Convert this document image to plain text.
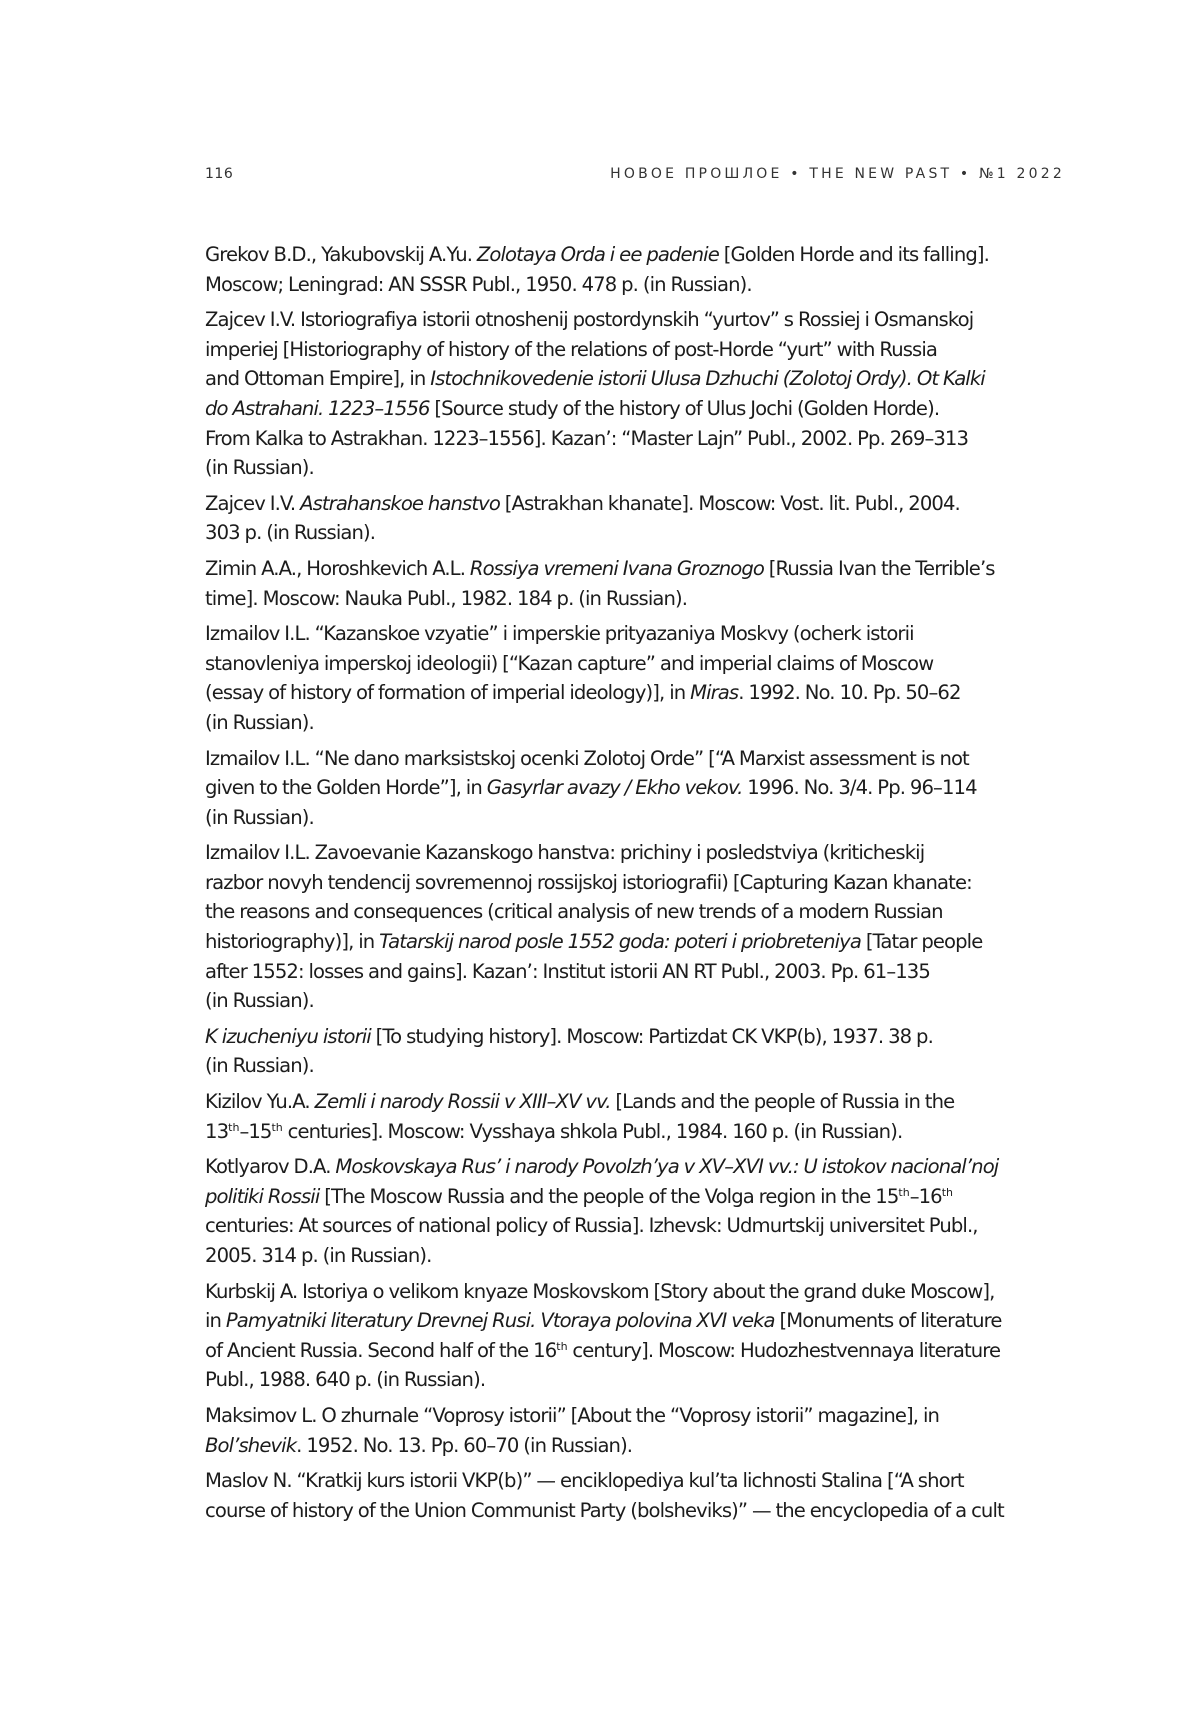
116	НОВОЕ ПРОШЛОЕ • THE NEW PAST • №1 2022

Grekov B.D., Yakubovskij A.Yu. Zolotaya Orda i ee padenie [Golden Horde and its falling].
Moscow; Leningrad: AN SSSR Publ., 1950. 478 p. (in Russian).

Zajcev I.V. Istoriografiya istorii otnoshenij postordynskih “yurtov” s Rossiej i Osmanskoj
imperiej [Historiography of history of the relations of post-Horde “yurt” with Russia
and Ottoman Empire], in Istochnikovedenie istorii Ulusa Dzhuchi (Zolotoj Ordy). Ot Kalki
do Astrahani. 1223–1556 [Source study of the history of Ulus Jochi (Golden Horde).
From Kalka to Astrakhan. 1223–1556]. Kazan’: “Master Lajn” Publ., 2002. Pp. 269–313
(in Russian).

Zajcev I.V. Astrahanskoe hanstvo [Astrakhan khanate]. Moscow: Vost. lit. Publ., 2004.
303 p. (in Russian).

Zimin A.A., Horoshkevich A.L. Rossiya vremeni Ivana Groznogo [Russia Ivan the Terrible’s
time]. Moscow: Nauka Publ., 1982. 184 p. (in Russian).

Izmailov I.L. “Kazanskoe vzyatie” i imperskie prityazaniya Moskvy (ocherk istorii
stanovleniya imperskoj ideologii) [“Kazan capture” and imperial claims of Moscow
(essay of history of formation of imperial ideology)], in Miras. 1992. No. 10. Pp. 50–62
(in Russian).

Izmailov I.L. “Ne dano marksistskoj ocenki Zolotoj Orde” [“A Marxist assessment is not
given to the Golden Horde”], in Gasyrlar avazy / Ekho vekov. 1996. No. 3/4. Pp. 96–114
(in Russian).

Izmailov I.L. Zavoevanie Kazanskogo hanstva: prichiny i posledstviya (kriticheskij
razbor novyh tendencij sovremennoj rossijskoj istoriografii) [Capturing Kazan khanate:
the reasons and consequences (critical analysis of new trends of a modern Russian
historiography)], in Tatarskij narod posle 1552 goda: poteri i priobreteniya [Tatar people
after 1552: losses and gains]. Kazan’: Institut istorii AN RT Publ., 2003. Pp. 61–135
(in Russian).

K izucheniyu istorii [To studying history]. Moscow: Partizdat CK VKP(b), 1937. 38 p.
(in Russian).

Kizilov Yu.A. Zemli i narody Rossii v XIII–XV vv. [Lands and the people of Russia in the
13th–15th centuries]. Moscow: Vysshaya shkola Publ., 1984. 160 p. (in Russian).

Kotlyarov D.A. Moskovskaya Rus’ i narody Povolzh’ya v XV–XVI vv.: U istokov nacional’noj
politiki Rossii [The Moscow Russia and the people of the Volga region in the 15th–16th
centuries: At sources of national policy of Russia]. Izhevsk: Udmurtskij universitet Publ.,
2005. 314 p. (in Russian).

Kurbskij A. Istoriya o velikom knyaze Moskovskom [Story about the grand duke Moscow],
in Pamyatniki literatury Drevnej Rusi. Vtoraya polovina XVI veka [Monuments of literature
of Ancient Russia. Second half of the 16th century]. Moscow: Hudozhestvennaya literature
Publ., 1988. 640 p. (in Russian).

Maksimov L. O zhurnale “Voprosy istorii” [About the “Voprosy istorii” magazine], in
Bol’shevik. 1952. No. 13. Pp. 60–70 (in Russian).

Maslov N. “Kratkij kurs istorii VKP(b)” — enciklopediya kul’ta lichnosti Stalina [“A short
course of history of the Union Communist Party (bolsheviks)” — the encyclopedia of a cult
